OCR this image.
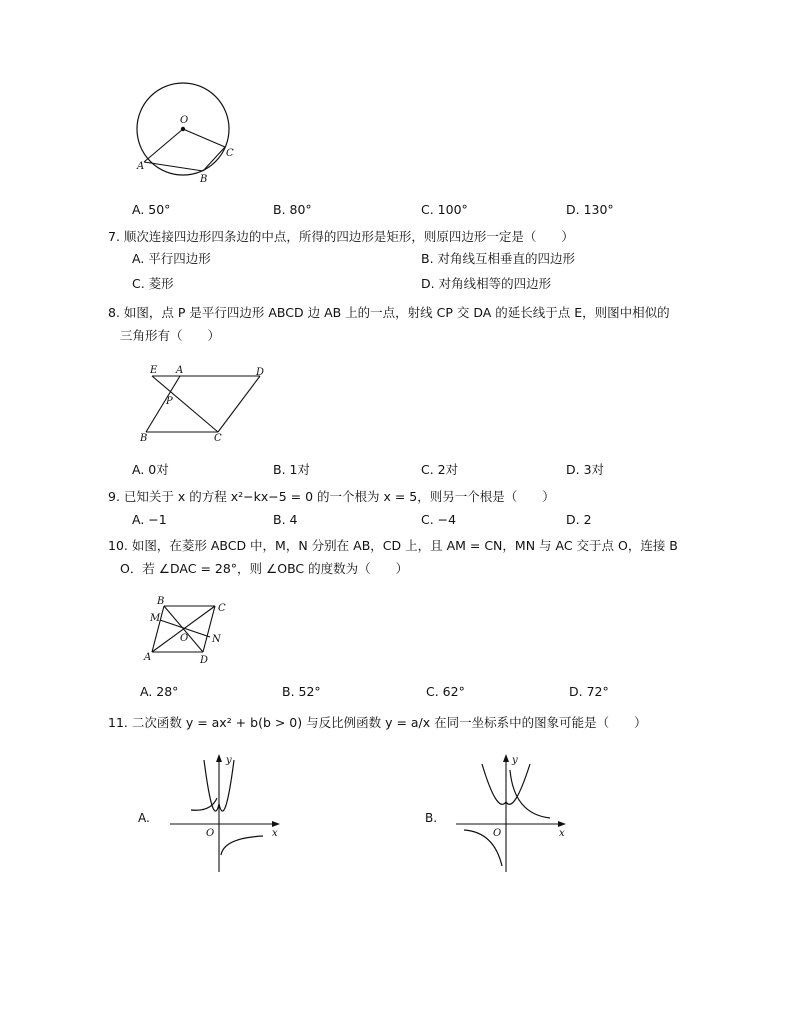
O
A
B
C
A. 50°	B. 80°	C. 100°	D. 130°
7. 顺次连接四边形四条边的中点，所得的四边形是矩形，则原四边形一定是（　　）
A. 平行四边形	B. 对角线互相垂直的四边形
C. 菱形	D. 对角线相等的四边形
8. 如图，点 P 是平行四边形 ABCD 边 AB 上的一点，射线 CP 交 DA 的延长线于点 E，则图中相似的
三角形有（　　）
E A	D
P
B	C
A. 0对	B. 1对	C. 2对	D. 3对
9. 已知关于 x 的方程 x²−kx−5 = 0 的一个根为 x = 5，则另一个根是（　　）
A. −1	B. 4	C. −4	D. 2
10. 如图，在菱形 ABCD 中，M，N 分别在 AB，CD 上，且 AM = CN，MN 与 AC 交于点 O，连接 B
O．若 ∠DAC = 28°，则 ∠OBC 的度数为（　　）
B
C
M
O N
A	D
A. 28°	B. 52°	C. 62°	D. 72°
11. 二次函数 y = ax² + b(b > 0) 与反比例函数 y = a/x 在同一坐标系中的图象可能是（　　）
A.
y
x
O
B.
y
x
O
